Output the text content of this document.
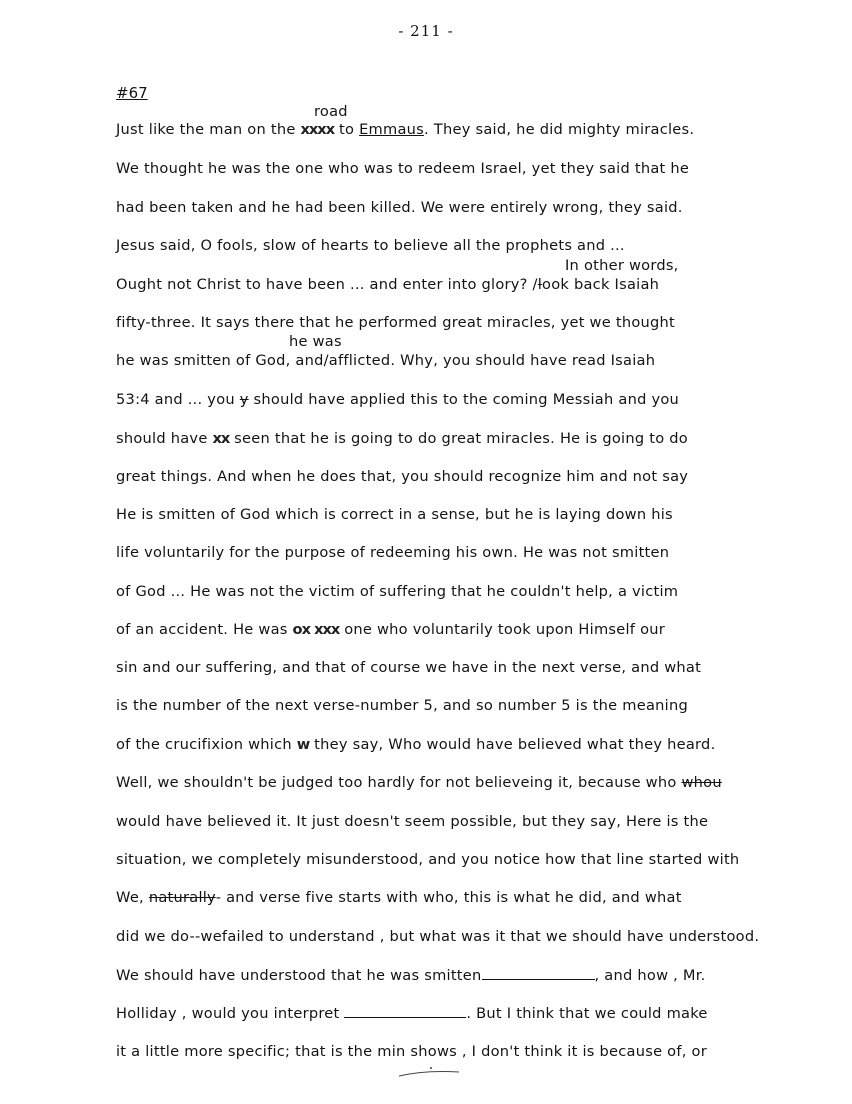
- 211 -
#67
road
In other words,
he was
Just like the man on the xxxx to Emmaus. They said, he did mighty miracles.
We thought he was the one who was to redeem Israel, yet they said that he
had been taken and he had been killed. We were entirely wrong, they said.
Jesus said, O fools, slow of hearts to believe all the prophets and ...
Ought not Christ to have been ... and enter into glory? /look back Isaiah
fifty-three. It says there that he performed great miracles, yet we thought
he was smitten of God, and/afflicted. Why, you should have read Isaiah
53:4 and ... you y should have applied this to the coming Messiah and you
should have xx seen that he is going to do great miracles. He is going to do
great things. And when he does that, you should recognize him and not say
He is smitten of God which is correct in a sense, but he is laying down his
life voluntarily for the purpose of redeeming his own. He was not smitten
of God ... He was not the victim of suffering that he couldn't help, a victim
of an accident. He was ox xxx one who voluntarily took upon Himself our
sin and our suffering, and that of course we have in the next verse, and what
is the number of the next verse-number 5, and so number 5 is the meaning
of the crucifixion which w they say, Who would have believed what they heard.
Well, we shouldn't be judged too hardly for not believeing it, because who whou
would have believed it. It just doesn't seem possible, but they say, Here is the
situation, we completely misunderstood, and you notice how that line started with
We, naturally- and verse five starts with who, this is what he did, and what
did we do--wefailed to understand , but what was it that we should have understood.
We should have understood that he was smitten	, and how , Mr.
Holliday , would you interpret	. But I think that we could make
it a little more specific; that is the min shows , I don't think it is because of, or
